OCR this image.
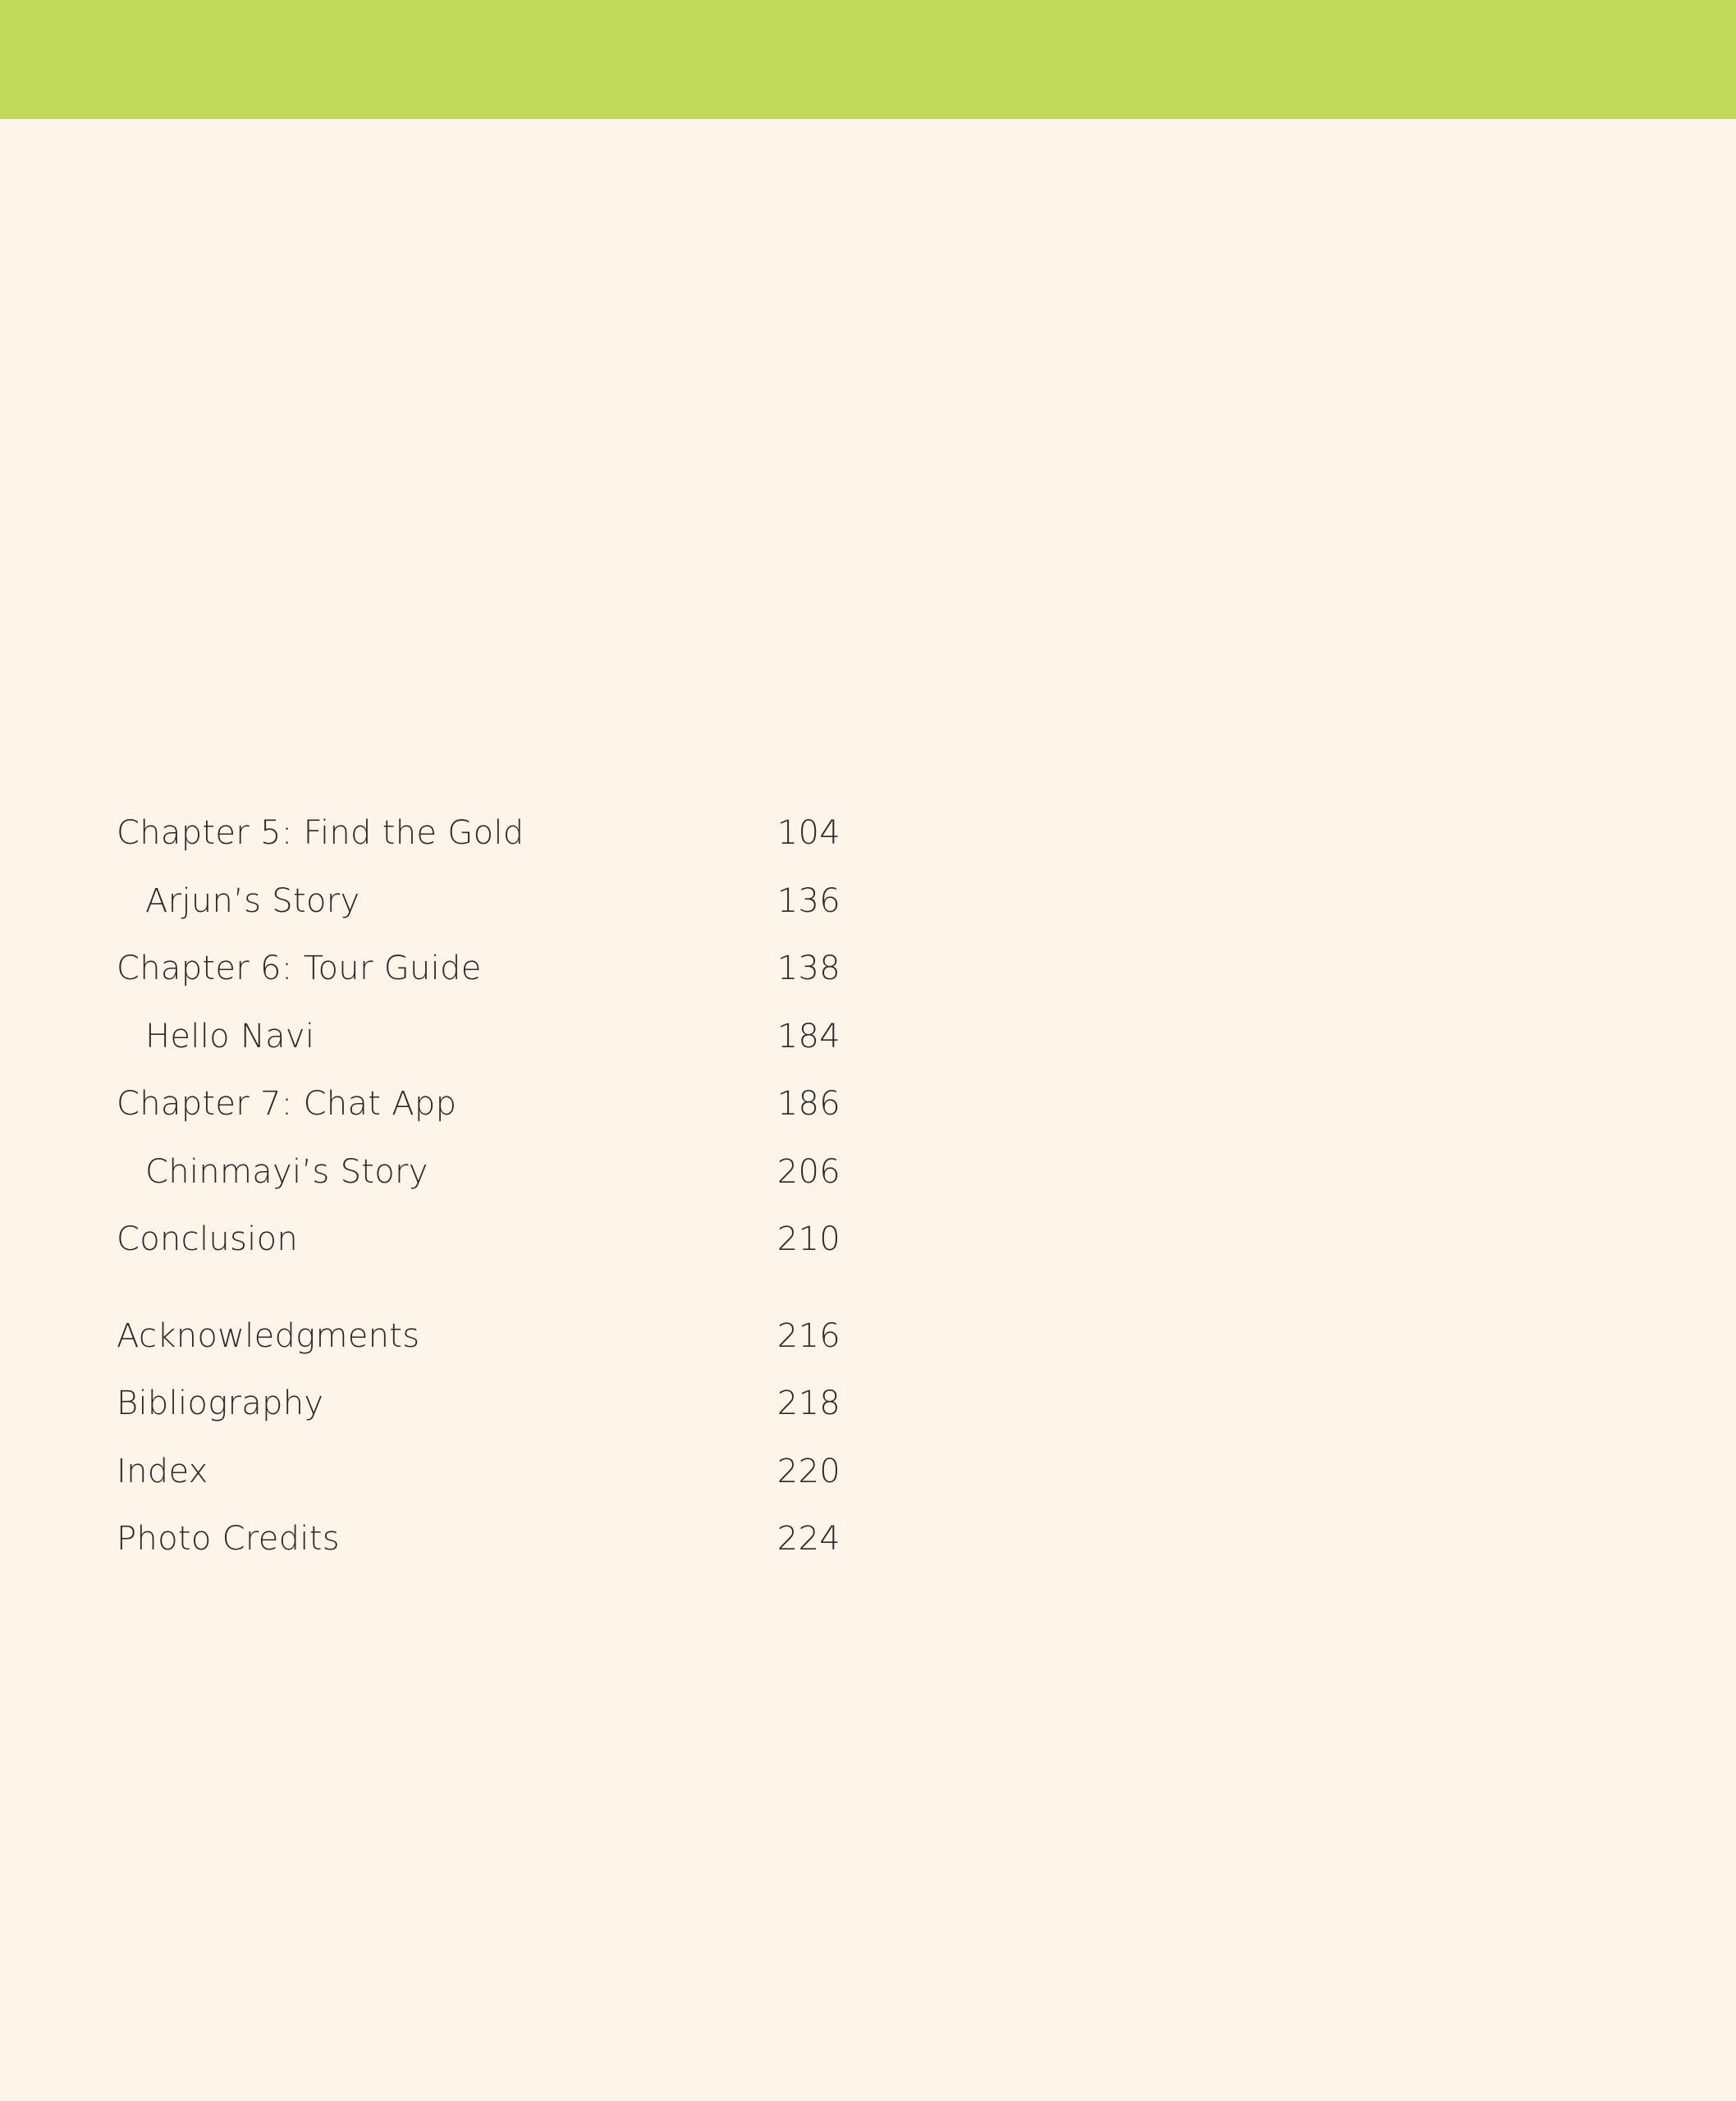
Chapter 5: Find the Gold	104
Arjun’s Story	136
Chapter 6: Tour Guide	138
Hello Navi	184
Chapter 7: Chat App	186
Chinmayi’s Story	206
Conclusion	210
Acknowledgments	216
Bibliography	218
Index	220
Photo Credits	224
